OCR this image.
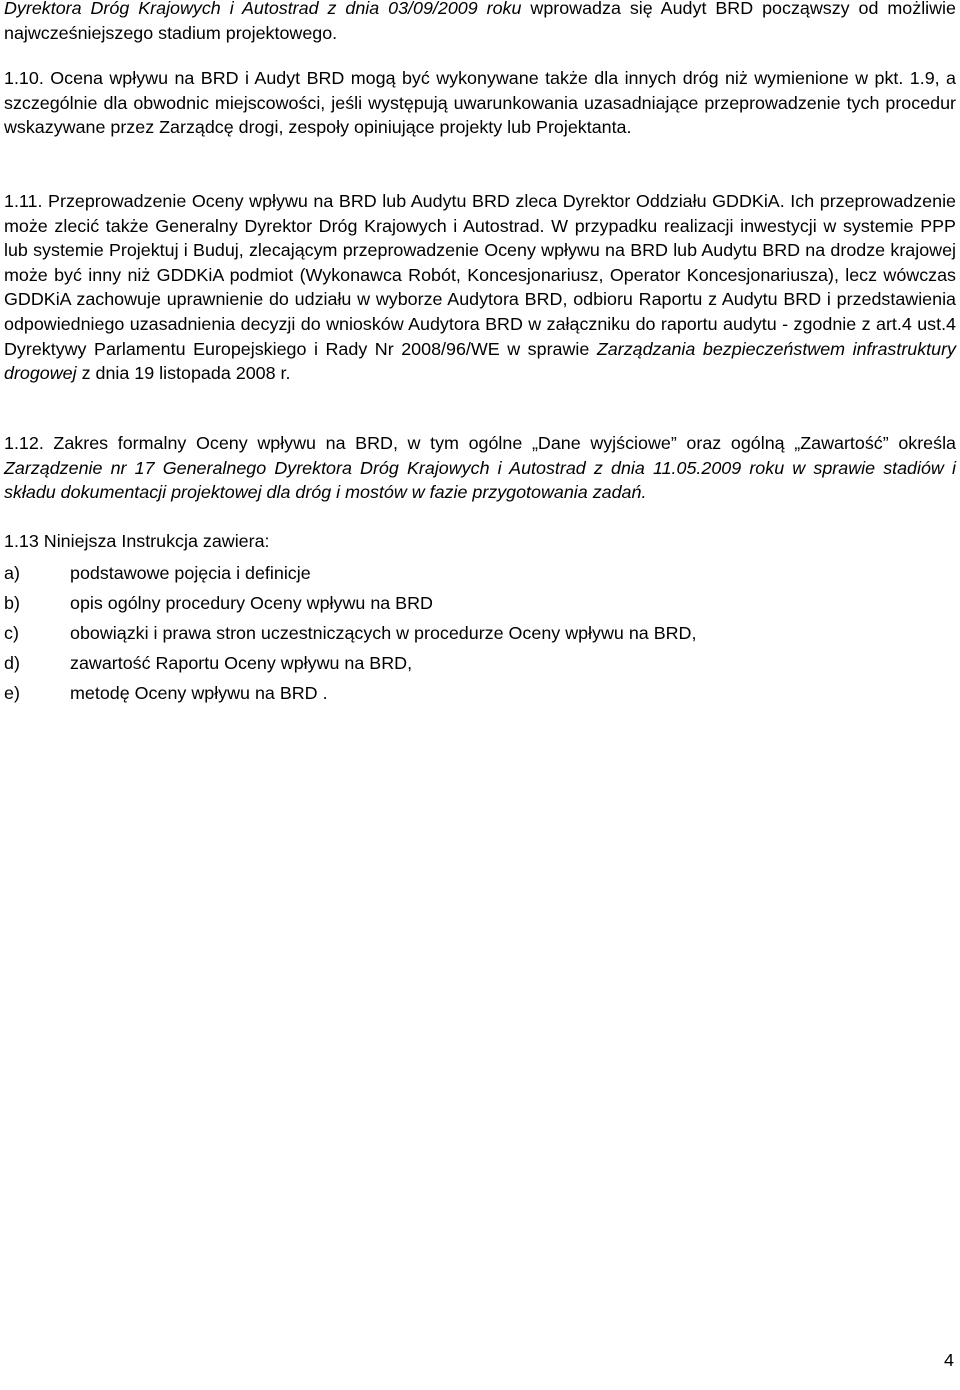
Dyrektora Dróg Krajowych i Autostrad z dnia 03/09/2009 roku wprowadza się Audyt BRD począwszy od możliwie najwcześniejszego stadium projektowego.

1.10. Ocena wpływu na BRD i Audyt BRD mogą być wykonywane także dla innych dróg niż wymienione w pkt. 1.9, a szczególnie dla obwodnic miejscowości, jeśli występują uwarunkowania uzasadniające przeprowadzenie tych procedur wskazywane przez Zarządcę drogi, zespoły opiniujące projekty lub Projektanta.

1.11. Przeprowadzenie Oceny wpływu na BRD lub Audytu BRD zleca Dyrektor Oddziału GDDKiA. Ich przeprowadzenie może zlecić także Generalny Dyrektor Dróg Krajowych i Autostrad. W przypadku realizacji inwestycji w systemie PPP lub systemie Projektuj i Buduj, zlecającym przeprowadzenie Oceny wpływu na BRD lub Audytu BRD na drodze krajowej może być inny niż GDDKiA podmiot (Wykonawca Robót, Koncesjonariusz, Operator Koncesjonariusza), lecz wówczas GDDKiA zachowuje uprawnienie do udziału w wyborze Audytora BRD, odbioru Raportu z Audytu BRD i przedstawienia odpowiedniego uzasadnienia decyzji do wniosków Audytora BRD w załączniku do raportu audytu - zgodnie z art.4 ust.4 Dyrektywy Parlamentu Europejskiego i Rady Nr 2008/96/WE w sprawie Zarządzania bezpieczeństwem infrastruktury drogowej z dnia 19 listopada 2008 r.

1.12. Zakres formalny Oceny wpływu na BRD, w tym ogólne „Dane wyjściowe” oraz ogólną „Zawartość” określa Zarządzenie nr 17 Generalnego Dyrektora Dróg Krajowych i Autostrad z dnia 11.05.2009 roku w sprawie stadiów i składu dokumentacji projektowej dla dróg i mostów w fazie przygotowania zadań.

1.13 Niniejsza Instrukcja zawiera:

a)	podstawowe pojęcia i definicje
b)	opis ogólny procedury Oceny wpływu na BRD
c)	obowiązki i prawa stron uczestniczących w procedurze Oceny wpływu na BRD,
d)	zawartość Raportu Oceny wpływu na BRD,
e)	metodę Oceny wpływu na BRD .
4
